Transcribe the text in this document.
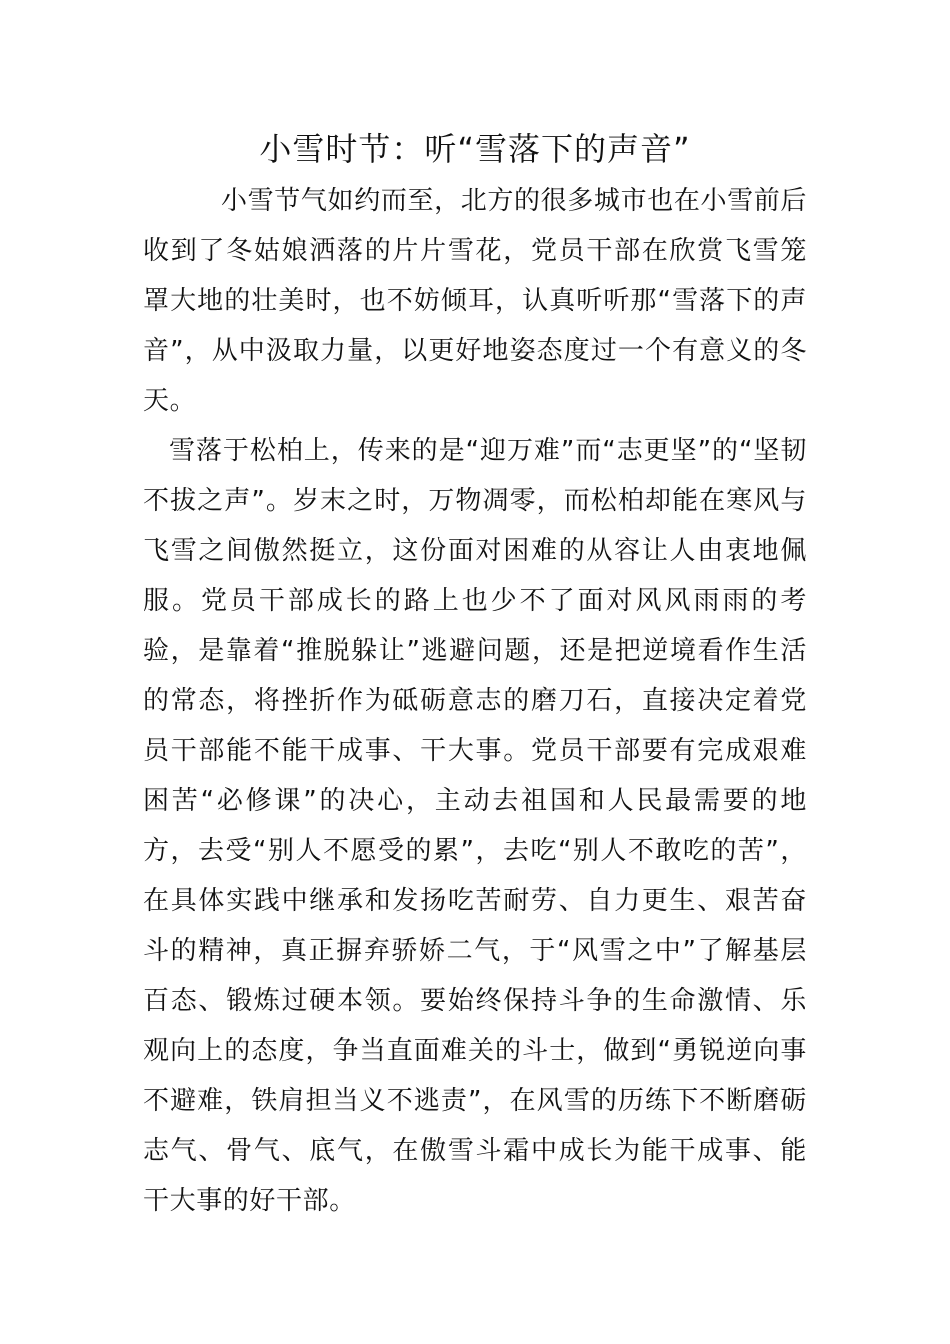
小雪时节：听“雪落下的声音”

小雪节气如约而至，北方的很多城市也在小雪前后收到了冬姑娘洒落的片片雪花，党员干部在欣赏飞雪笼罩大地的壮美时，也不妨倾耳，认真听听那“雪落下的声音”，从中汲取力量，以更好地姿态度过一个有意义的冬天。

雪落于松柏上，传来的是“迎万难”而“志更坚”的“坚韧不拔之声”。岁末之时，万物凋零，而松柏却能在寒风与飞雪之间傲然挺立，这份面对困难的从容让人由衷地佩服。党员干部成长的路上也少不了面对风风雨雨的考验，是靠着“推脱躲让”逃避问题，还是把逆境看作生活的常态，将挫折作为砥砺意志的磨刀石，直接决定着党员干部能不能干成事、干大事。党员干部要有完成艰难困苦“必修课”的决心，主动去祖国和人民最需要的地方，去受“别人不愿受的累”，去吃“别人不敢吃的苦”，在具体实践中继承和发扬吃苦耐劳、自力更生、艰苦奋斗的精神，真正摒弃骄娇二气，于“风雪之中”了解基层百态、锻炼过硬本领。要始终保持斗争的生命激情、乐观向上的态度，争当直面难关的斗士，做到“勇锐逆向事不避难，铁肩担当义不逃责”，在风雪的历练下不断磨砺志气、骨气、底气，在傲雪斗霜中成长为能干成事、能干大事的好干部。
